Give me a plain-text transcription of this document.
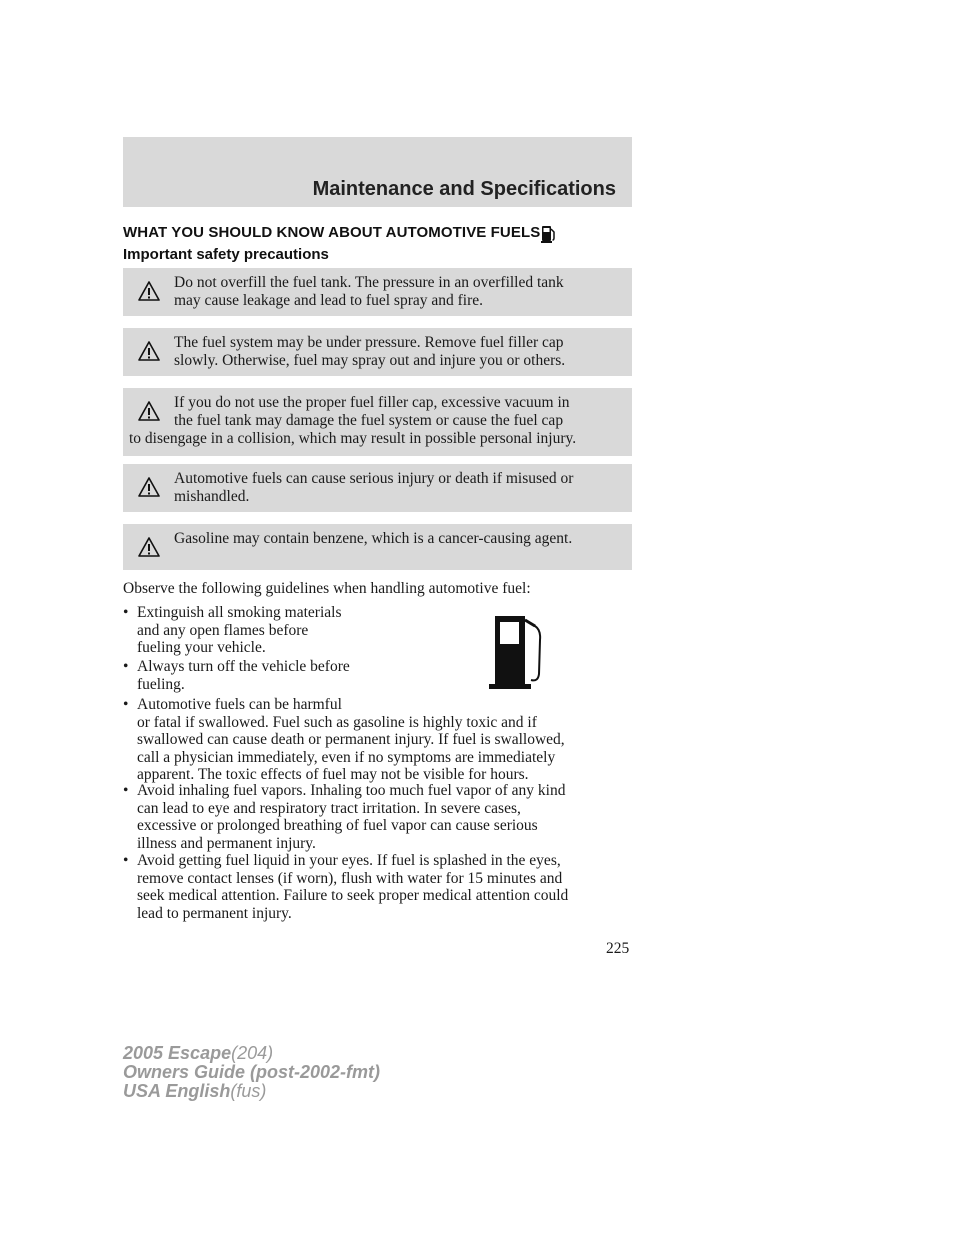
Maintenance and Specifications
WHAT YOU SHOULD KNOW ABOUT AUTOMOTIVE FUELS
Important safety precautions
Do not overfill the fuel tank. The pressure in an overfilled tank
may cause leakage and lead to fuel spray and fire.
The fuel system may be under pressure. Remove fuel filler cap
slowly. Otherwise, fuel may spray out and injure you or others.
If you do not use the proper fuel filler cap, excessive vacuum in
the fuel tank may damage the fuel system or cause the fuel cap
to disengage in a collision, which may result in possible personal injury.
Automotive fuels can cause serious injury or death if misused or
mishandled.
Gasoline may contain benzene, which is a cancer-causing agent.
Observe the following guidelines when handling automotive fuel:
• Extinguish all smoking materials
and any open flames before
fueling your vehicle.
• Always turn off the vehicle before
fueling.
• Automotive fuels can be harmful
or fatal if swallowed. Fuel such as gasoline is highly toxic and if
swallowed can cause death or permanent injury. If fuel is swallowed,
call a physician immediately, even if no symptoms are immediately
apparent. The toxic effects of fuel may not be visible for hours.
• Avoid inhaling fuel vapors. Inhaling too much fuel vapor of any kind
can lead to eye and respiratory tract irritation. In severe cases,
excessive or prolonged breathing of fuel vapor can cause serious
illness and permanent injury.
• Avoid getting fuel liquid in your eyes. If fuel is splashed in the eyes,
remove contact lenses (if worn), flush with water for 15 minutes and
seek medical attention. Failure to seek proper medical attention could
lead to permanent injury.
225
2005 Escape(204)
Owners Guide (post-2002-fmt)
USA English(fus)
